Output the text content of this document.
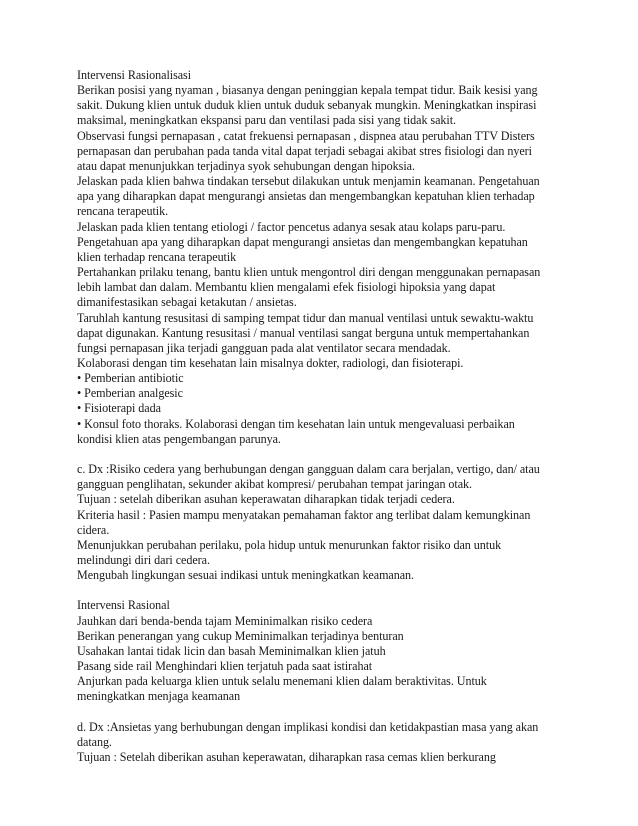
Intervensi Rasionalisasi
Berikan posisi yang nyaman , biasanya dengan peninggian kepala tempat tidur. Baik kesisi yang
sakit. Dukung klien untuk duduk klien untuk duduk sebanyak mungkin. Meningkatkan inspirasi
maksimal, meningkatkan ekspansi paru dan ventilasi pada sisi yang tidak sakit.
Observasi fungsi pernapasan , catat frekuensi pernapasan , dispnea atau perubahan TTV Disters
pernapasan dan perubahan pada tanda vital dapat terjadi sebagai akibat stres fisiologi dan nyeri
atau dapat menunjukkan terjadinya syok sehubungan dengan hipoksia.
Jelaskan pada klien bahwa tindakan tersebut dilakukan untuk menjamin keamanan. Pengetahuan
apa yang diharapkan dapat mengurangi ansietas dan mengembangkan kepatuhan klien terhadap
rencana terapeutik.
Jelaskan pada klien tentang etiologi / factor pencetus adanya sesak atau kolaps paru-paru.
Pengetahuan apa yang diharapkan dapat mengurangi ansietas dan mengembangkan kepatuhan
klien terhadap rencana terapeutik
Pertahankan prilaku tenang, bantu klien untuk mengontrol diri dengan menggunakan pernapasan
lebih lambat dan dalam. Membantu klien mengalami efek fisiologi hipoksia yang dapat
dimanifestasikan sebagai ketakutan / ansietas.
Taruhlah kantung resusitasi di samping tempat tidur dan manual ventilasi untuk sewaktu-waktu
dapat digunakan. Kantung resusitasi / manual ventilasi sangat berguna untuk mempertahankan
fungsi pernapasan jika terjadi gangguan pada alat ventilator secara mendadak.
Kolaborasi dengan tim kesehatan lain misalnya dokter, radiologi, dan fisioterapi.
• Pemberian antibiotic
• Pemberian analgesic
• Fisioterapi dada
• Konsul foto thoraks. Kolaborasi dengan tim kesehatan lain untuk mengevaluasi perbaikan
kondisi klien atas pengembangan parunya.
c. Dx :Risiko cedera yang berhubungan dengan gangguan dalam cara berjalan, vertigo, dan/ atau
gangguan penglihatan, sekunder akibat kompresi/ perubahan tempat jaringan otak.
Tujuan : setelah diberikan asuhan keperawatan diharapkan tidak terjadi cedera.
Kriteria hasil : Pasien mampu menyatakan pemahaman faktor ang terlibat dalam kemungkinan
cidera.
Menunjukkan perubahan perilaku, pola hidup untuk menurunkan faktor risiko dan untuk
melindungi diri dari cedera.
Mengubah lingkungan sesuai indikasi untuk meningkatkan keamanan.
Intervensi Rasional
Jauhkan dari benda-benda tajam Meminimalkan risiko cedera
Berikan penerangan yang cukup Meminimalkan terjadinya benturan
Usahakan lantai tidak licin dan basah Meminimalkan klien jatuh
Pasang side rail Menghindari klien terjatuh pada saat istirahat
Anjurkan pada keluarga klien untuk selalu menemani klien dalam beraktivitas. Untuk
meningkatkan menjaga keamanan
d. Dx :Ansietas yang berhubungan dengan implikasi kondisi dan ketidakpastian masa yang akan
datang.
Tujuan : Setelah diberikan asuhan keperawatan, diharapkan rasa cemas klien berkurang
